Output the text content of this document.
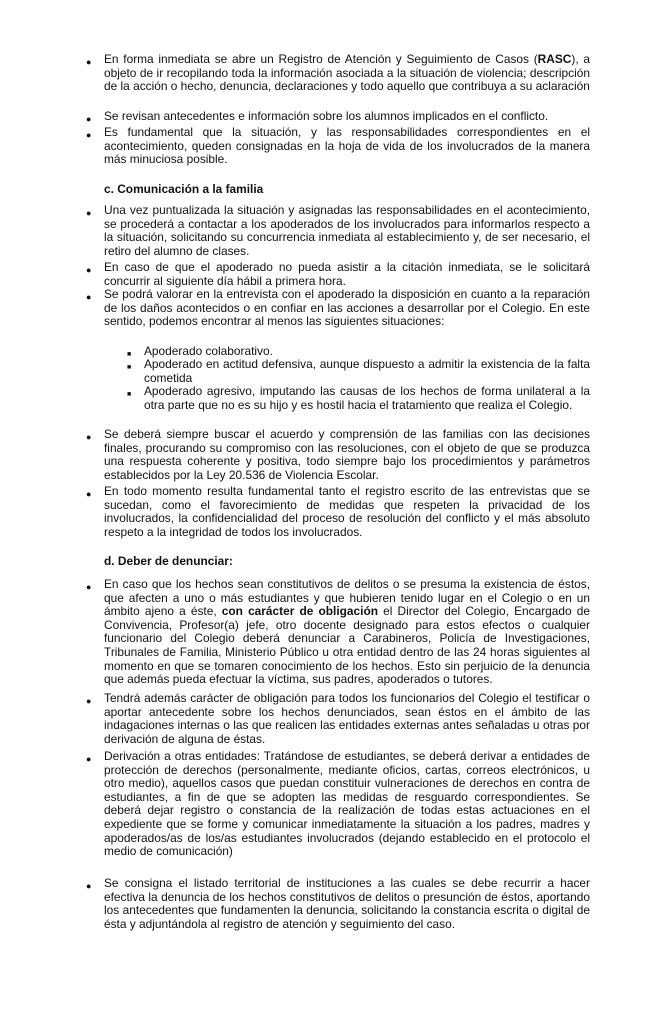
● En forma inmediata se abre un Registro de Atención y Seguimiento de Casos (RASC), a objeto de ir recopilando toda la información asociada a la situación de violencia; descripción de la acción o hecho, denuncia, declaraciones y todo aquello que contribuya a su aclaración
● Se revisan antecedentes e información sobre los alumnos implicados en el conflicto.
● Es fundamental que la situación, y las responsabilidades correspondientes en el acontecimiento, queden consignadas en la hoja de vida de los involucrados de la manera más minuciosa posible.
c. Comunicación a la familia
● Una vez puntualizada la situación y asignadas las responsabilidades en el acontecimiento, se procederá a contactar a los apoderados de los involucrados para informarlos respecto a la situación, solicitando su concurrencia inmediata al establecimiento y, de ser necesario, el retiro del alumno de clases.
● En caso de que el apoderado no pueda asistir a la citación inmediata, se le solicitará concurrir al siguiente día hábil a primera hora.
● Se podrá valorar en la entrevista con el apoderado la disposición en cuanto a la reparación de los daños acontecidos o en confiar en las acciones a desarrollar por el Colegio. En este sentido, podemos encontrar al menos las siguientes situaciones:
■ Apoderado colaborativo.
■ Apoderado en actitud defensiva, aunque dispuesto a admitir la existencia de la falta cometida
■ Apoderado agresivo, imputando las causas de los hechos de forma unilateral a la otra parte que no es su hijo y es hostil hacia el tratamiento que realiza el Colegio.
● Se deberá siempre buscar el acuerdo y comprensión de las familias con las decisiones finales, procurando su compromiso con las resoluciones, con el objeto de que se produzca una respuesta coherente y positiva, todo siempre bajo los procedimientos y parámetros establecidos por la Ley 20.536 de Violencia Escolar.
● En todo momento resulta fundamental tanto el registro escrito de las entrevistas que se sucedan, como el favorecimiento de medidas que respeten la privacidad de los involucrados, la confidencialidad del proceso de resolución del conflicto y el más absoluto respeto a la integridad de todos los involucrados.
d. Deber de denunciar:
● En caso que los hechos sean constitutivos de delitos o se presuma la existencia de éstos, que afecten a uno o más estudiantes y que hubieren tenido lugar en el Colegio o en un ámbito ajeno a éste, con carácter de obligación el Director del Colegio, Encargado de Convivencia, Profesor(a) jefe, otro docente designado para estos efectos o cualquier funcionario del Colegio deberá denunciar a Carabineros, Policía de Investigaciones, Tribunales de Familia, Ministerio Público u otra entidad dentro de las 24 horas siguientes al momento en que se tomaren conocimiento de los hechos. Esto sin perjuicio de la denuncia que además pueda efectuar la víctima, sus padres, apoderados o tutores.
● Tendrá además carácter de obligación para todos los funcionarios del Colegio el testificar o aportar antecedente sobre los hechos denunciados, sean éstos en el ámbito de las indagaciones internas o las que realicen las entidades externas antes señaladas u otras por derivación de alguna de éstas.
● Derivación a otras entidades: Tratándose de estudiantes, se deberá derivar a entidades de protección de derechos (personalmente, mediante oficios, cartas, correos electrónicos, u otro medio), aquellos casos que puedan constituir vulneraciones de derechos en contra de estudiantes, a fin de que se adopten las medidas de resguardo correspondientes. Se deberá dejar registro o constancia de la realización de todas estas actuaciones en el expediente que se forme y comunicar inmediatamente la situación a los padres, madres y apoderados/as de los/as estudiantes involucrados (dejando establecido en el protocolo el medio de comunicación)
● Se consigna el listado territorial de instituciones a las cuales se debe recurrir a hacer efectiva la denuncia de los hechos constitutivos de delitos o presunción de éstos, aportando los antecedentes que fundamenten la denuncia, solicitando la constancia escrita o digital de ésta y adjuntándola al registro de atención y seguimiento del caso.
